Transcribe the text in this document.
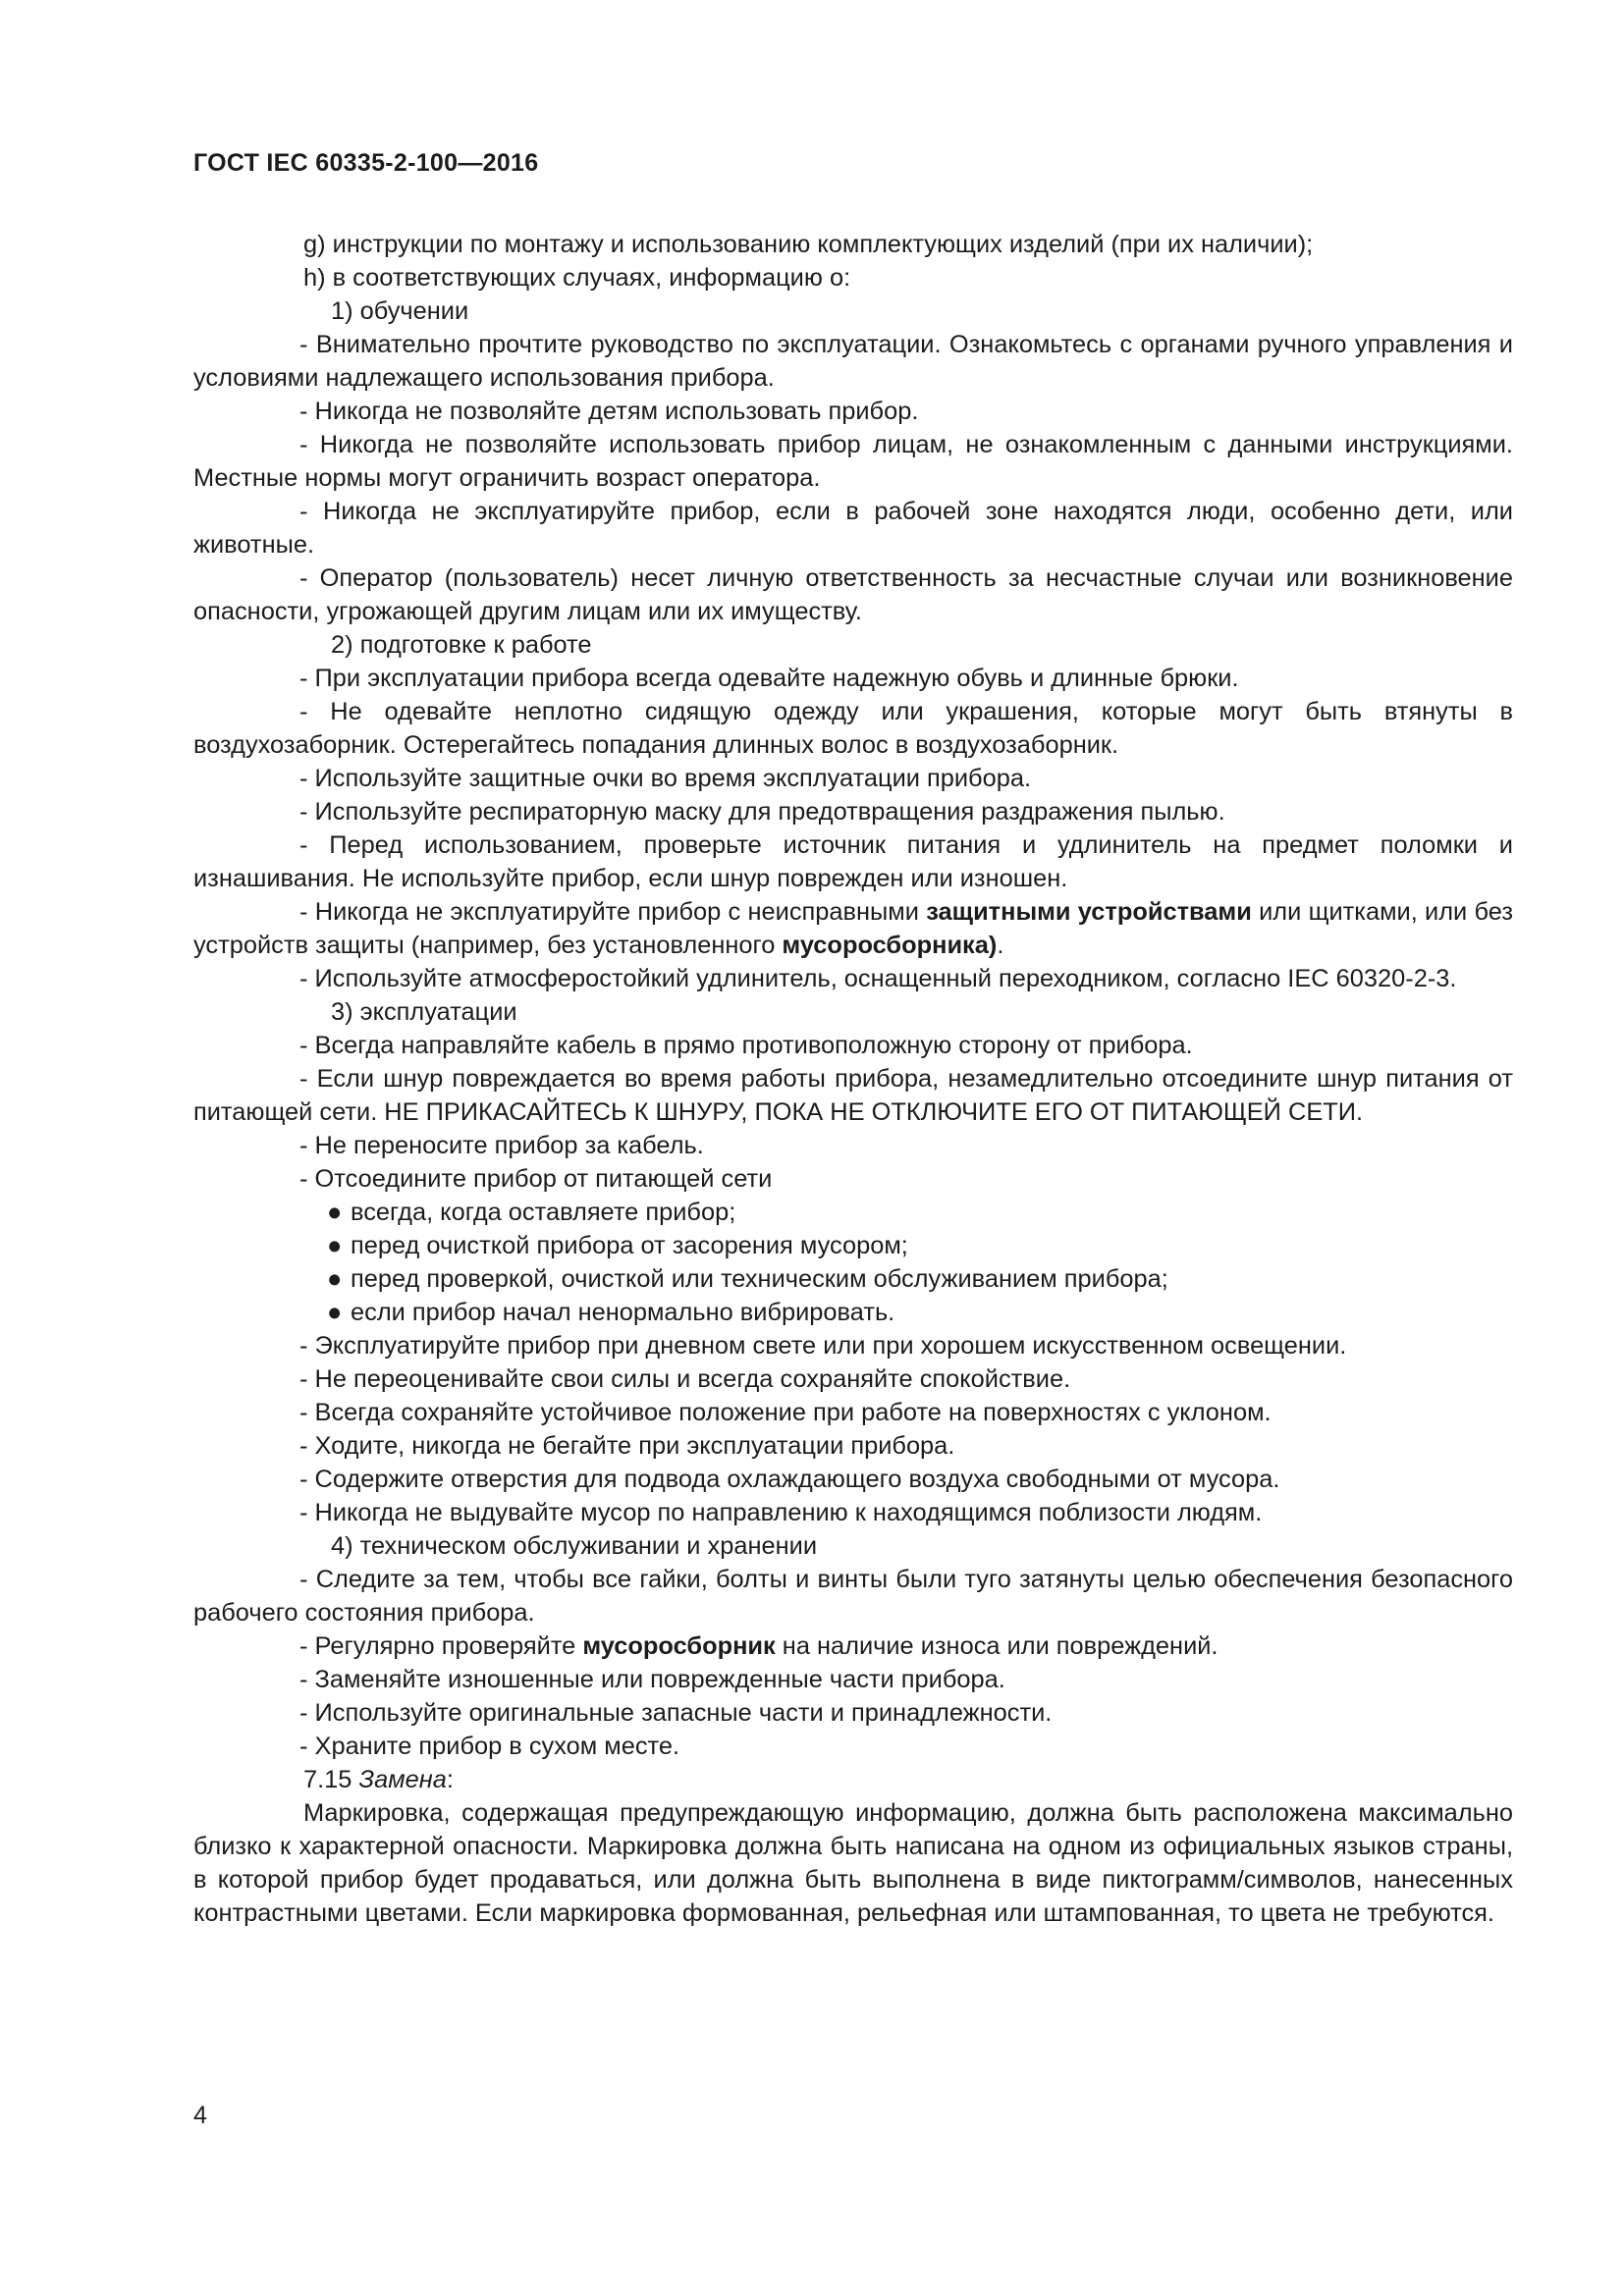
ГОСТ IEC 60335-2-100—2016

g) инструкции по монтажу и использованию комплектующих изделий (при их наличии);

h) в соответствующих случаях, информацию о:

1) обучении

- Внимательно прочтите руководство по эксплуатации. Ознакомьтесь с органами ручного управления и условиями надлежащего использования прибора.

- Никогда не позволяйте детям использовать прибор.

- Никогда не позволяйте использовать прибор лицам, не ознакомленным с данными инструкциями. Местные нормы могут ограничить возраст оператора.

- Никогда не эксплуатируйте прибор, если в рабочей зоне находятся люди, особенно дети, или животные.

- Оператор (пользователь) несет личную ответственность за несчастные случаи или возникновение опасности, угрожающей другим лицам или их имуществу.

2) подготовке к работе

- При эксплуатации прибора всегда одевайте надежную обувь и длинные брюки.

- Не одевайте неплотно сидящую одежду или украшения, которые могут быть втянуты в воздухозаборник. Остерегайтесь попадания длинных волос в воздухозаборник.

- Используйте защитные очки во время эксплуатации прибора.

- Используйте респираторную маску для предотвращения раздражения пылью.

- Перед использованием, проверьте источник питания и удлинитель на предмет поломки и изнашивания. Не используйте прибор, если шнур поврежден или изношен.

- Никогда не эксплуатируйте прибор с неисправными защитными устройствами или щитками, или без устройств защиты (например, без установленного мусоросборника).

- Используйте атмосферостойкий удлинитель, оснащенный переходником, согласно IEC 60320-2-3.

3) эксплуатации

- Всегда направляйте кабель в прямо противоположную сторону от прибора.

- Если шнур повреждается во время работы прибора, незамедлительно отсоедините шнур питания от питающей сети. НЕ ПРИКАСАЙТЕСЬ К ШНУРУ, ПОКА НЕ ОТКЛЮЧИТЕ ЕГО ОТ ПИТАЮЩЕЙ СЕТИ.

- Не переносите прибор за кабель.

- Отсоедините прибор от питающей сети

● всегда, когда оставляете прибор;

● перед очисткой прибора от засорения мусором;

● перед проверкой, очисткой или техническим обслуживанием прибора;

● если прибор начал ненормально вибрировать.

- Эксплуатируйте прибор при дневном свете или при хорошем искусственном освещении.

- Не переоценивайте свои силы и всегда сохраняйте спокойствие.

- Всегда сохраняйте устойчивое положение при работе на поверхностях с уклоном.

- Ходите, никогда не бегайте при эксплуатации прибора.

- Содержите отверстия для подвода охлаждающего воздуха свободными от мусора.

- Никогда не выдувайте мусор по направлению к находящимся поблизости людям.

4) техническом обслуживании и хранении

- Следите за тем, чтобы все гайки, болты и винты были туго затянуты целью обеспечения безопасного рабочего состояния прибора.

- Регулярно проверяйте мусоросборник на наличие износа или повреждений.

- Заменяйте изношенные или поврежденные части прибора.

- Используйте оригинальные запасные части и принадлежности.

- Храните прибор в сухом месте.

7.15 Замена:

Маркировка, содержащая предупреждающую информацию, должна быть расположена максимально близко к характерной опасности. Маркировка должна быть написана на одном из официальных языков страны, в которой прибор будет продаваться, или должна быть выполнена в виде пиктограмм/символов, нанесенных контрастными цветами. Если маркировка формованная, рельефная или штампованная, то цвета не требуются.

4
